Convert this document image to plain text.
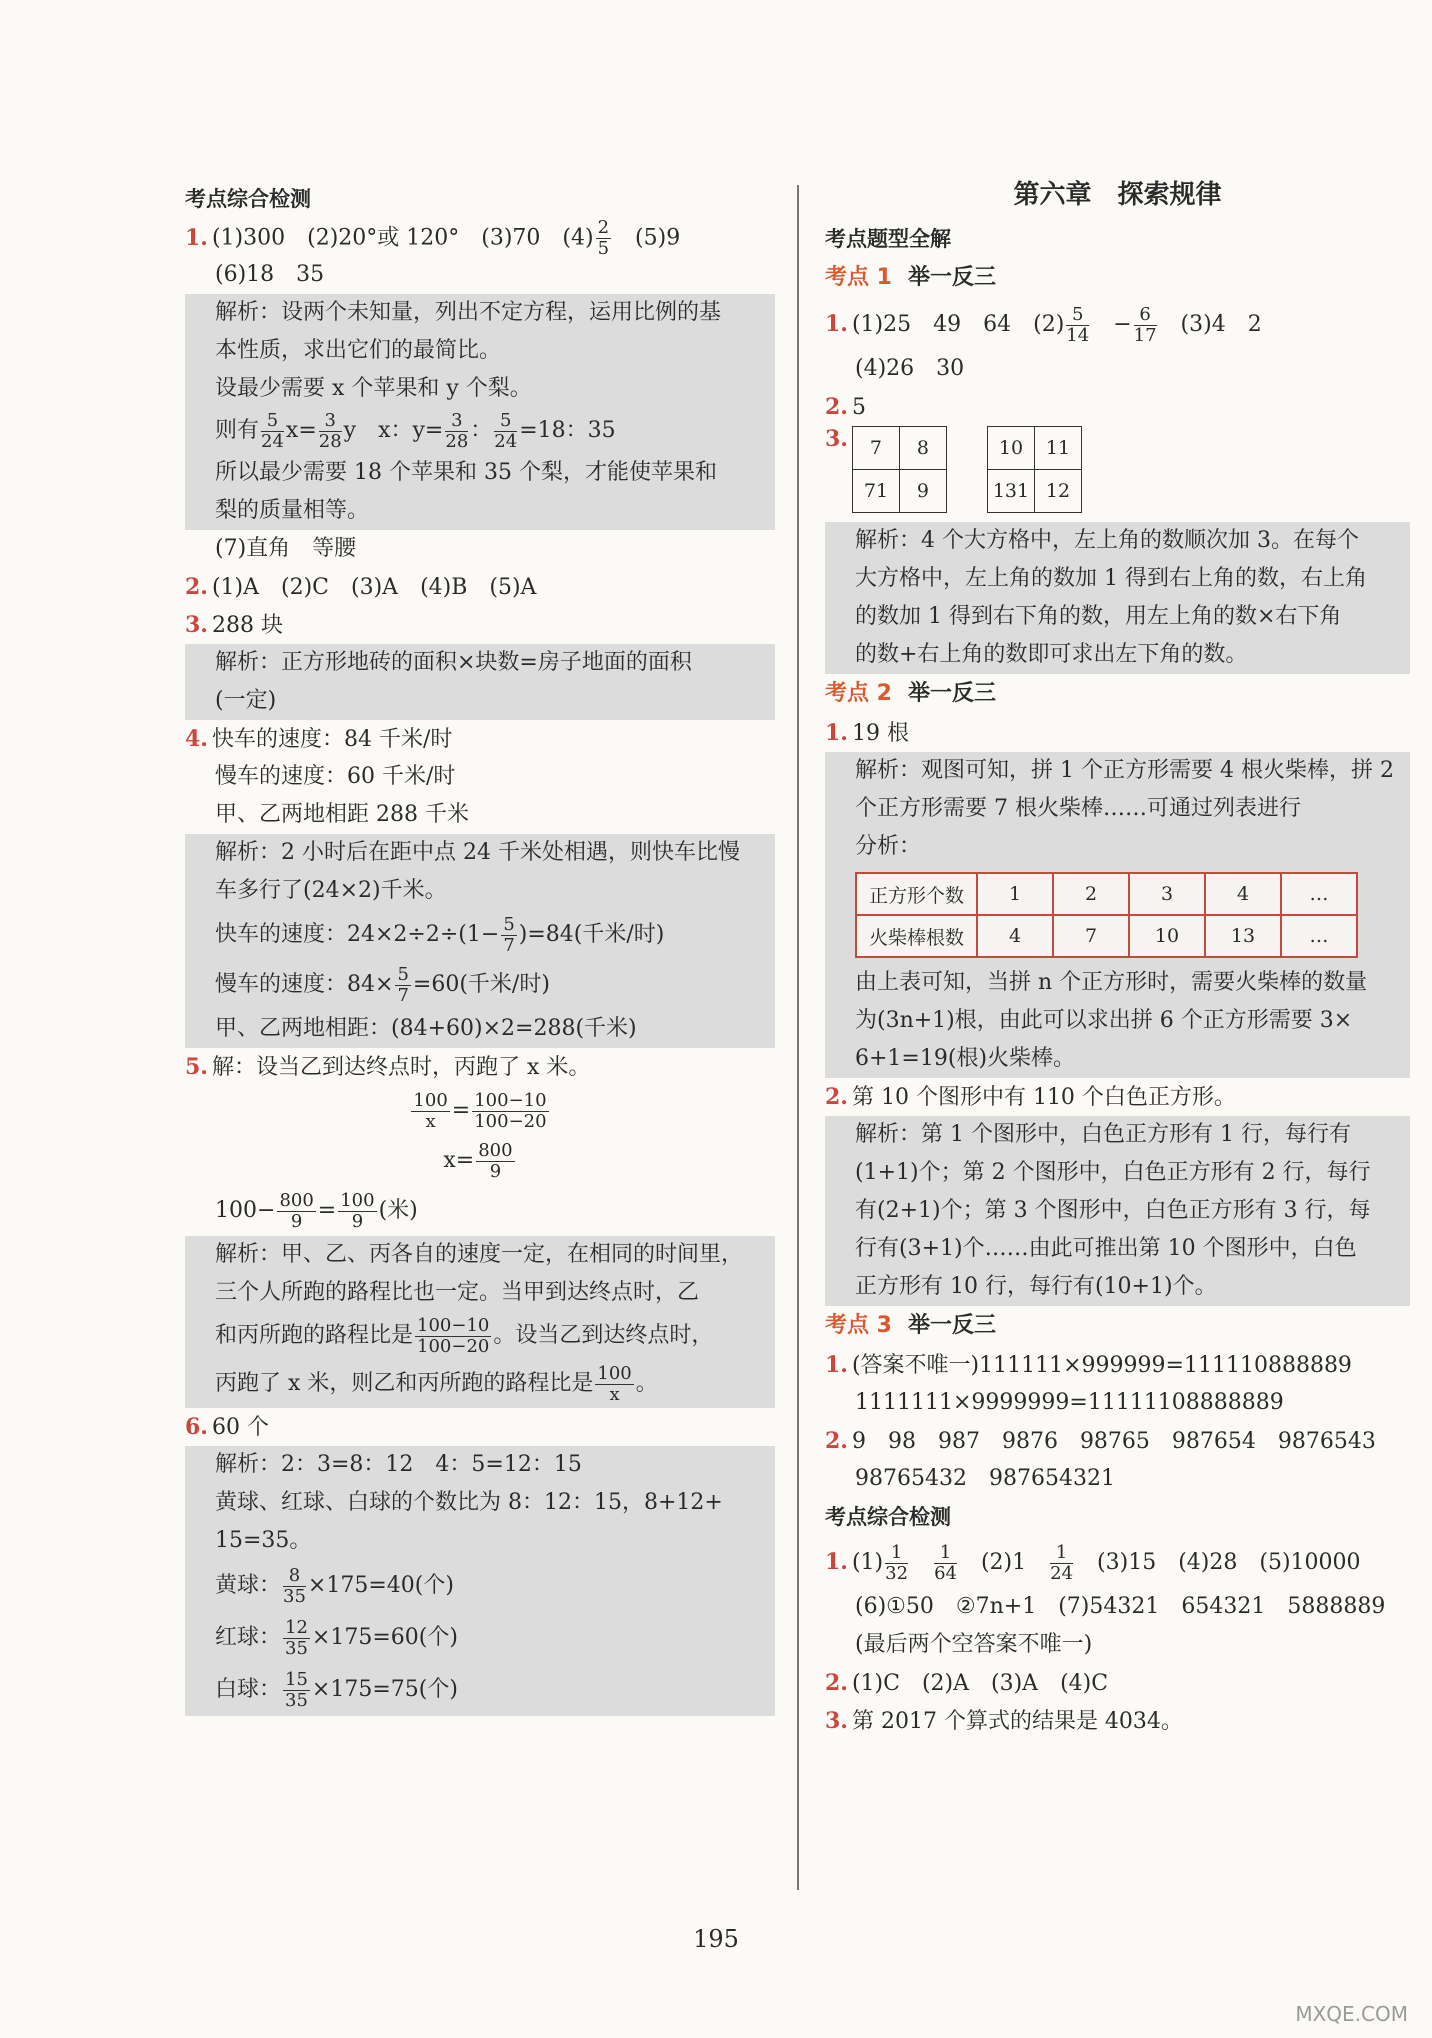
考点综合检测
1. (1)300　(2)20°或 120°　(3)70　$(4) \frac{2}{5}$ 　(5)9
(6)18　35
解析：设两个未知量，列出不定方程，运用比例的基
本性质，求出它们的最简比。
设最少需要 x 个苹果和 y 个梨。
则有 $\frac{5}{24} x= \frac{3}{28}$ y　x：$y= \frac{3}{28}$ ： $\frac{5}{24} =18$：35
所以最少需要 18 个苹果和 35 个梨，才能使苹果和
梨的质量相等。
(7)直角　等腰
2. (1)A　(2)C　(3)A　(4)B　(5)A
3. 288 块
解析：正方形地砖的面积×块数=房子地面的面积
(一定)
4. 快车的速度：84 千米/时
慢车的速度：60 千米/时
甲、乙两地相距 288 千米
解析：2 小时后在距中点 24 千米处相遇，则快车比慢
车多行了(24×2)千米。
快车的速度：$24\times 2\div 2\div(1- \frac{5}{7} )=84$(千米/时)
慢车的速度：$84\times \frac{5}{7} =60$(千米/时)
甲、乙两地相距：(84+60)×2=288(千米)
5. 解：设当乙到达终点时，丙跑了 x 米。
$\frac{100}{x} = \frac{100-10}{100-20}$
$x= \frac{800}{9}$
$100- \frac{800}{9} = \frac{100}{9}$ (米)
解析：甲、乙、丙各自的速度一定，在相同的时间里，
三个人所跑的路程比也一定。当甲到达终点时，乙
和丙所跑的路程比是 $\frac{100-10}{100-20}$ 。设当乙到达终点时，
丙跑了 x 米，则乙和丙所跑的路程比是 $\frac{100}{x}$ 。
6. 60 个
解析：2：3=8：12　4：5=12：15
黄球、红球、白球的个数比为 8：12：15，8+12+
15=35。
黄球： $\frac{8}{35} \times 175=40$(个)
红球： $\frac{12}{35} \times 175=60$(个)
白球： $\frac{15}{35} \times 175=75$(个)
第六章　探索规律
考点题型全解
考点 1 举一反三
1. (1)25　49　64　$(2) \frac{5}{14}$ 　− $\frac{6}{17}$ 　(3)4　2
(4)26　30
2. 5
3. 7	8
71	9
10	11
131	12
解析：4 个大方格中，左上角的数顺次加 3。在每个
大方格中，左上角的数加 1 得到右上角的数，右上角
的数加 1 得到右下角的数，用左上角的数×右下角
的数+右上角的数即可求出左下角的数。
考点 2 举一反三
1. 19 根
解析：观图可知，拼 1 个正方形需要 4 根火柴棒，拼 2
个正方形需要 7 根火柴棒……可通过列表进行
分析：
正方形个数	1	2	3	4	…
火柴棒根数	4	7	10	13	…
由上表可知，当拼 n 个正方形时，需要火柴棒的数量
为(3n+1)根，由此可以求出拼 6 个正方形需要 3×
6+1=19(根)火柴棒。
2. 第 10 个图形中有 110 个白色正方形。
解析：第 1 个图形中，白色正方形有 1 行，每行有
(1+1)个；第 2 个图形中，白色正方形有 2 行，每行
有(2+1)个；第 3 个图形中，白色正方形有 3 行，每
行有(3+1)个……由此可推出第 10 个图形中，白色
正方形有 10 行，每行有(10+1)个。
考点 3 举一反三
1. (答案不唯一)111111×999999=111110888889
1111111×9999999=11111108888889
2. 9　98　987　9876　98765　987654　9876543
98765432　987654321
考点综合检测
1. $(1) \frac{1}{32}$
　 $\frac{1}{64}$ 　(2)1　 $\frac{1}{24}$ 　(3)15　(4)28　(5)10000
(6)①50　②7n+1　(7)54321　654321　5888889
(最后两个空答案不唯一)
2. (1)C　(2)A　(3)A　(4)C
3. 第 2017 个算式的结果是 4034。
195
MXQE.COM
